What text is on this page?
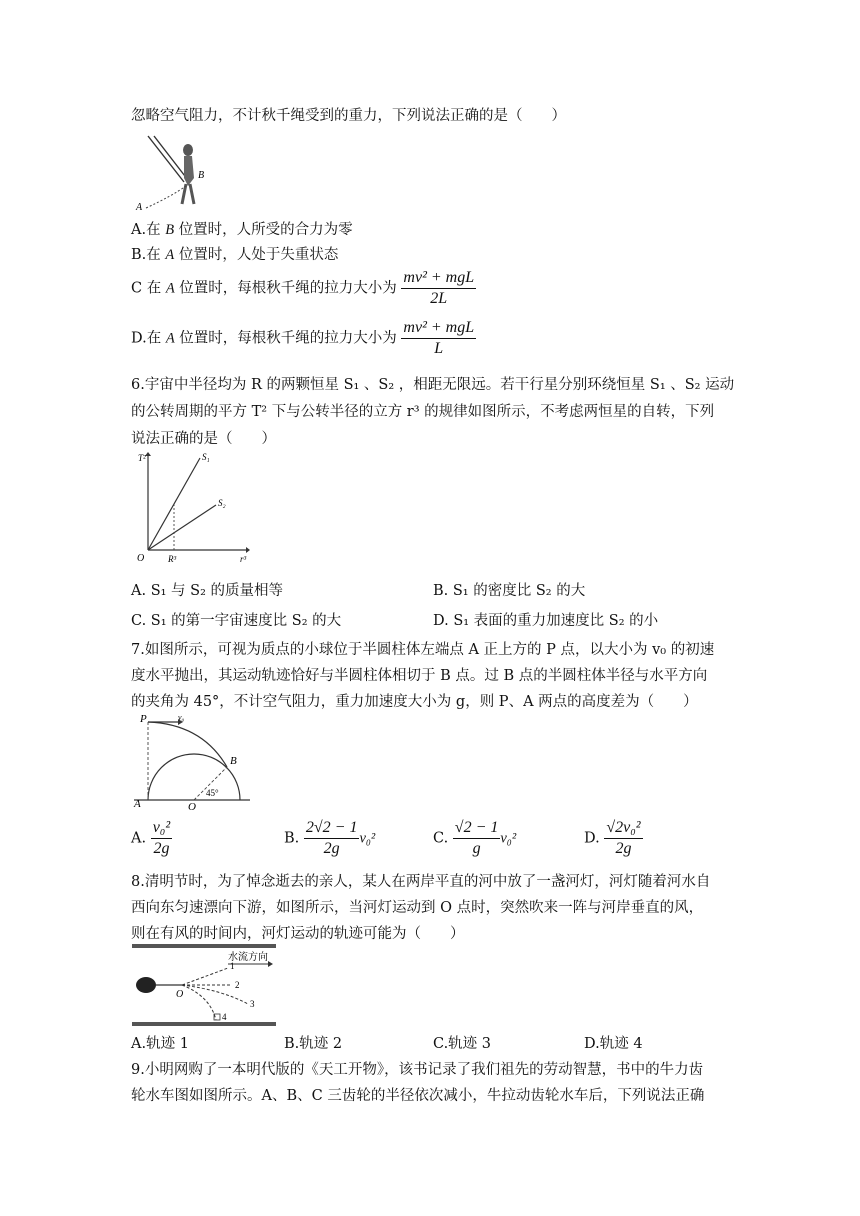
忽略空气阻力，不计秋千绳受到的重力，下列说法正确的是（　　）
A
B
A.在 B 位置时，人所受的合力为零
B.在 A 位置时，人处于失重状态
C 在 A 位置时，每根秋千绳的拉力大小为 $\frac{\text{mv² + mgL}}{2L}$
D.在 A 位置时，每根秋千绳的拉力大小为 $\frac{\text{mv² + mgL}}{L}$
6.宇宙中半径均为 R 的两颗恒星 S₁ 、S₂ ，相距无限远。若干行星分别环绕恒星 S₁ 、S₂ 运动
的公转周期的平方 T² 下与公转半径的立方 r³ 的规律如图所示，不考虑两恒星的自转，下列
说法正确的是（　　）
T²
r³
O	R³
S₁
S₂
A. S₁ 与 S₂ 的质量相等	B. S₁ 的密度比 S₂ 的大
C. S₁ 的第一宇宙速度比 S₂ 的大	D. S₁ 表面的重力加速度比 S₂ 的小
7.如图所示，可视为质点的小球位于半圆柱体左端点 A 正上方的 P 点，以大小为 v₀ 的初速
度水平抛出，其运动轨迹恰好与半圆柱体相切于 B 点。过 B 点的半圆柱体半径与水平方向
的夹角为 45°，不计空气阻力，重力加速度大小为 g，则 P、A 两点的高度差为（　　）
P	v₀
B
A	O
45°
A. $\frac{\text{v₀²}}{2g}$	B. $\frac{2√2 - 1}{2g} v_0^2$	C. $\frac{√2 - 1}{g} v_0^2$	D. $\frac{\text{√2v₀²}}{2g}$
8.清明节时，为了悼念逝去的亲人，某人在两岸平直的河中放了一盏河灯，河灯随着河水自
西向东匀速漂向下游，如图所示，当河灯运动到 O 点时，突然吹来一阵与河岸垂直的风，
则在有风的时间内，河灯运动的轨迹可能为（　　）
水流方向
O
1
2
3
4
A.轨迹 1	B.轨迹 2	C.轨迹 3	D.轨迹 4
9.小明网购了一本明代版的《天工开物》，该书记录了我们祖先的劳动智慧，书中的牛力齿
轮水车图如图所示。A、B、C 三齿轮的半径依次减小，牛拉动齿轮水车后，下列说法正确
